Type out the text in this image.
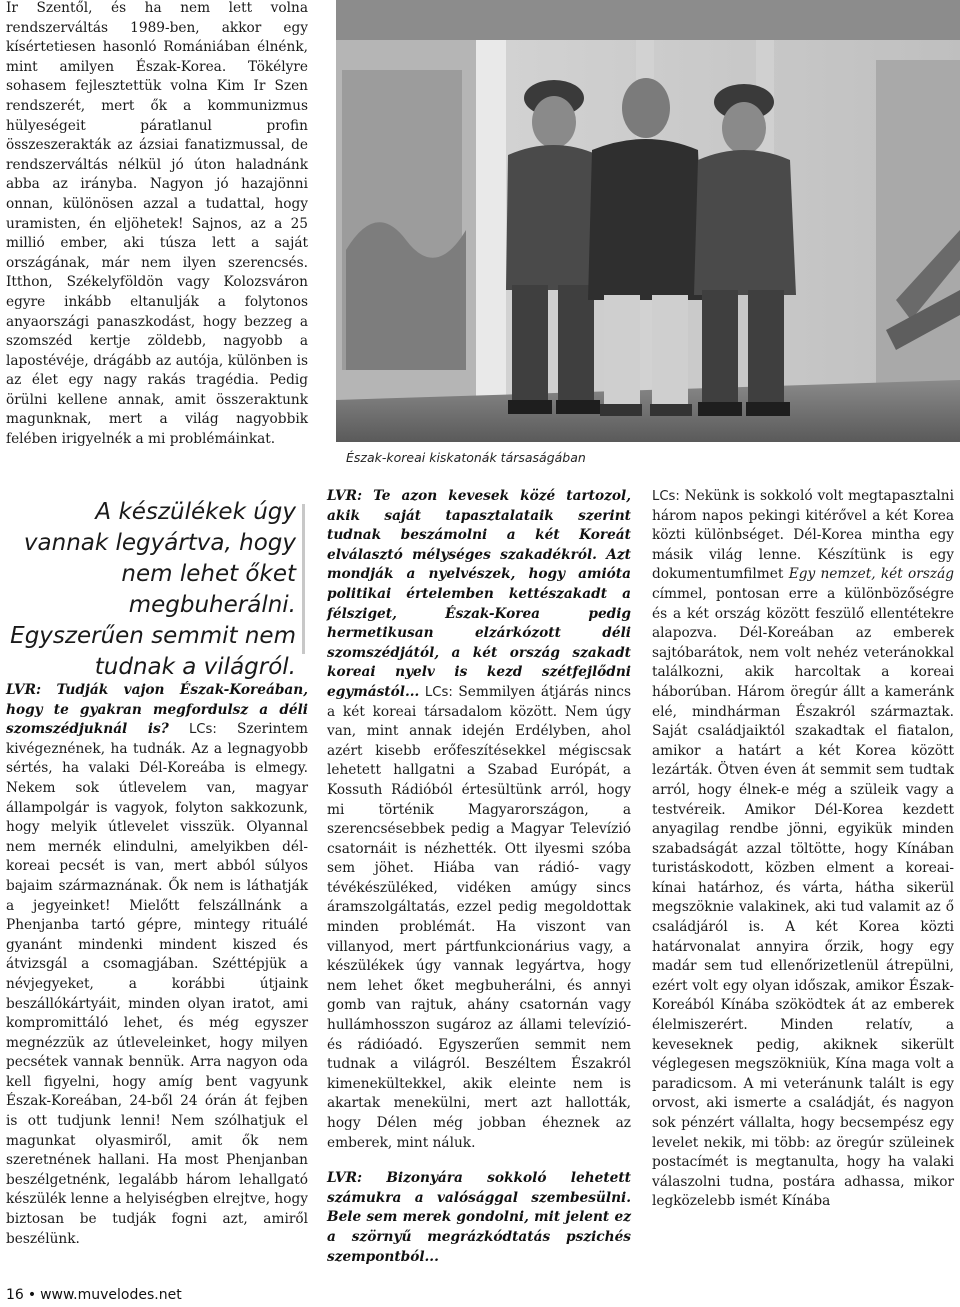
Ir Szentől, és ha nem lett volna rendszerváltás 1989-ben, akkor egy kísértetiesen hasonló Romániában élnénk, mint amilyen Észak-Korea. Tökélyre sohasem fejlesztettük volna Kim Ir Szen rendszerét, mert ők a kommunizmus hülyeségeit páratlanul profin összeszerakták az ázsiai fanatizmussal, de rendszerváltás nélkül jó úton haladnánk abba az irányba. Nagyon jó hazajönni onnan, különösen azzal a tudattal, hogy uramisten, én eljöhetek! Sajnos, az a 25 millió ember, aki túsza lett a saját országának, már nem ilyen szerencsés. Itthon, Székelyföldön vagy Kolozsváron egyre inkább eltanulják a folytonos anyaországi panaszkodást, hogy bezzeg a szomszéd kertje zöldebb, nagyobb a lapostévéje, drágább az autója, különben is az élet egy nagy rakás tragédia. Pedig örülni kellene annak, amit összeraktunk magunknak, mert a világ nagyobbik felében irigyelnék a mi problémáinkat.

Észak-koreai kiskatonák társaságában
A készülékek úgy vannak legyártva, hogy nem lehet őket megbuherálni. Egyszerűen semmit nem tudnak a világról.

LVR: Tudják vajon Észak-Koreában, hogy te gyakran megfordulsz a déli szomszédjuknál is? LCs: Szerintem kivégeznének, ha tudnák. Az a legnagyobb sértés, ha valaki Dél-Koreába is elmegy. Nekem sok útlevelem van, magyar állampolgár is vagyok, folyton sakkozunk, hogy melyik útlevelet visszük. Olyannal nem mernék elindulni, amelyikben dél-koreai pecsét is van, mert abból súlyos bajaim származnának. Ők nem is láthatják a jegyeinket! Mielőtt felszállnánk a Phenjanba tartó gépre, mintegy rituálé gyanánt mindenki mindent kiszed és átvizsgál a csomagjában. Széttépjük a névjegyeket, a korábbi útjaink beszállókártyáit, minden olyan iratot, ami kompromittáló lehet, és még egyszer megnézzük az útleveleinket, hogy milyen pecsétek vannak bennük. Arra nagyon oda kell figyelni, hogy amíg bent vagyunk Észak-Koreában, 24-ből 24 órán át fejben is ott tudjunk lenni! Nem szólhatjuk el magunkat olyasmiről, amit ők nem szeretnének hallani. Ha most Phenjanban beszélgetnénk, legalább három lehallgató készülék lenne a helyiségben elrejtve, hogy biztosan be tudják fogni azt, amiről beszélünk.

LVR: Te azon kevesek közé tartozol, akik saját tapasztalataik szerint tudnak beszámolni a két Koreát elválasztó mélységes szakadékról. Azt mondják a nyelvészek, hogy amióta politikai értelemben kettészakadt a félsziget, Észak-Korea pedig hermetikusan elzárkózott déli szomszédjától, a két ország szakadt koreai nyelv is kezd szétfejlődni egymástól... LCs: Semmilyen átjárás nincs a két koreai társadalom között. Nem úgy van, mint annak idején Erdélyben, ahol azért kisebb erőfeszítésekkel mégiscsak lehetett hallgatni a Szabad Európát, a Kossuth Rádióból értesültünk arról, hogy mi történik Magyarországon, a szerencsésebbek pedig a Magyar Televízió csatornáit is nézhették. Ott ilyesmi szóba sem jöhet. Hiába van rádió- vagy tévékészüléked, vidéken amúgy sincs áramszolgáltatás, ezzel pedig megoldottak minden problémát. Ha viszont van villanyod, mert pártfunkcionárius vagy, a készülékek úgy vannak legyártva, hogy nem lehet őket megbuherálni, és annyi gomb van rajtuk, ahány csatornán vagy hullámhosszon sugároz az állami televízió- és rádióadó. Egyszerűen semmit nem tudnak a világról. Beszéltem Északról kimenekültekkel, akik eleinte nem is akartak menekülni, mert azt hallották, hogy Délen még jobban éheznek az emberek, mint náluk.

LVR: Bizonyára sokkoló lehetett számukra a valósággal szembesülni. Bele sem merek gondolni, mit jelent ez a szörnyű megrázkódtatás pszichés szempontból...

LCs: Nekünk is sokkoló volt megtapasztalni három napos pekingi kitérővel a két Korea közti különbséget. Dél-Korea mintha egy másik világ lenne. Készítünk is egy dokumentumfilmet Egy nemzet, két ország címmel, pontosan erre a különbözőségre és a két ország között feszülő ellentétekre alapozva. Dél-Koreában az emberek sajtóbarátok, nem volt nehéz veteránokkal találkozni, akik harcoltak a koreai háborúban. Három öregúr állt a kameránk elé, mindhárman Északról származtak. Saját családjaiktól szakadtak el fiatalon, amikor a határt a két Korea között lezárták. Ötven éven át semmit sem tudtak arról, hogy élnek-e még a szüleik vagy a testvéreik. Amikor Dél-Korea kezdett anyagilag rendbe jönni, egyikük minden szabadságát azzal töltötte, hogy Kínában turistáskodott, közben elment a koreai-kínai határhoz, és várta, hátha sikerül megszöknie valakinek, aki tud valamit az ő családjáról is. A két Korea közti határvonalat annyira őrzik, hogy egy madár sem tud ellenőrizetlenül átrepülni, ezért volt egy olyan időszak, amikor Észak-Koreából Kínába szöködtek át az emberek élelmiszerért. Minden relatív, a keveseknek pedig, akiknek sikerült véglegesen megszökniük, Kína maga volt a paradicsom. A mi veteránunk talált is egy orvost, aki ismerte a családját, és nagyon sok pénzért vállalta, hogy becsempész egy levelet nekik, mi több: az öregúr szüleinek postacímét is megtanulta, hogy ha valaki válaszolni tudna, postára adhassa, mikor legközelebb ismét Kínába

16 • www.muvelodes.net
